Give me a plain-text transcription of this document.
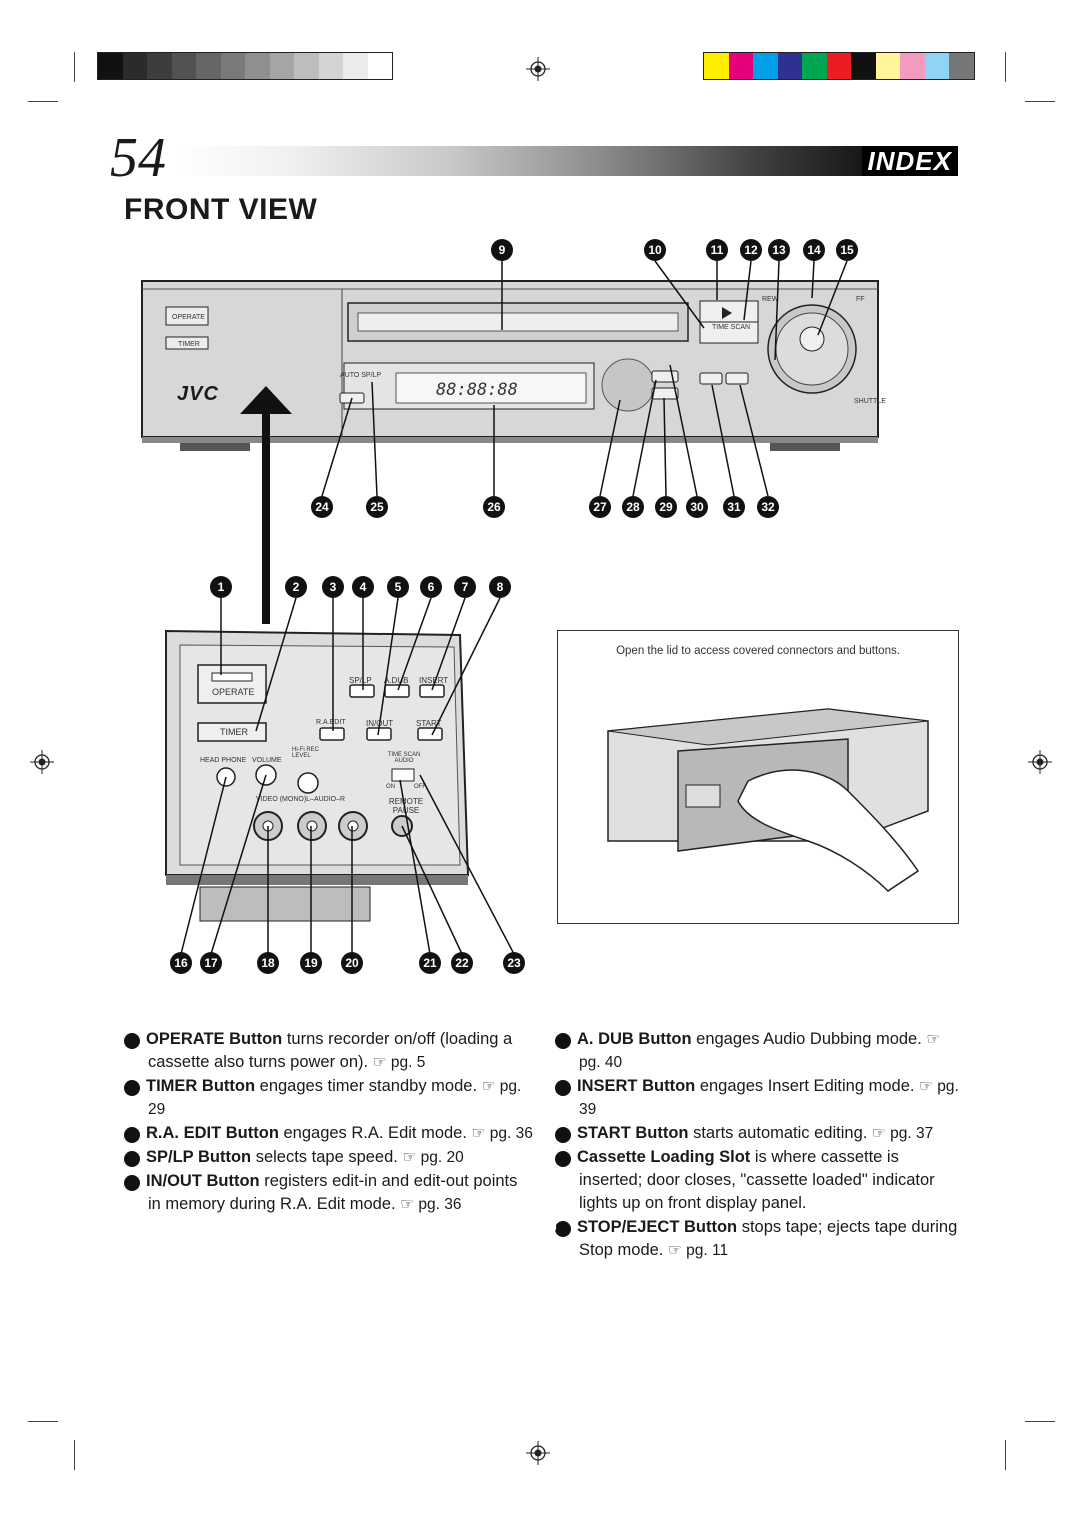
54	INDEX
FRONT VIEW
9	10	11	12	13	14	15
JVC
OPERATE
TIMER
AUTO SP/LP
REW	FF
TIME SCAN
SHUTTLE
88:88:88
24	25	26	27	28	29	30	31	32
1	2	3	4	5	6	7	8
OPERATE
TIMER
SP/LP A.DUB INSERT
R.A.EDIT	IN/OUT	START
HEAD PHONE VOLUME
Hi-Fi REC LEVEL	TIME SCAN AUDIO
ON	OFF
VIDEO (MONO)L–AUDIO–R	REMOTE PAUSE
16	17	18	19	20	21	22	23
Open the lid to access covered connectors and buttons.
1 OPERATE Button turns recorder on/off (loading a cassette also turns power on). ☞ pg. 5
2 TIMER Button engages timer standby mode. ☞ pg. 29
3 R.A. EDIT Button engages R.A. Edit mode. ☞ pg. 36
4 SP/LP Button selects tape speed. ☞ pg. 20
5 IN/OUT Button registers edit-in and edit-out points in memory during R.A. Edit mode. ☞ pg. 36
6 A. DUB Button engages Audio Dubbing mode. ☞ pg. 40
7 INSERT Button engages Insert Editing mode. ☞ pg. 39
8 START Button starts automatic editing. ☞ pg. 37
9 Cassette Loading Slot is where cassette is inserted; door closes, "cassette loaded" indicator lights up on front display panel.
10 STOP/EJECT Button stops tape; ejects tape during Stop mode. ☞ pg. 11
